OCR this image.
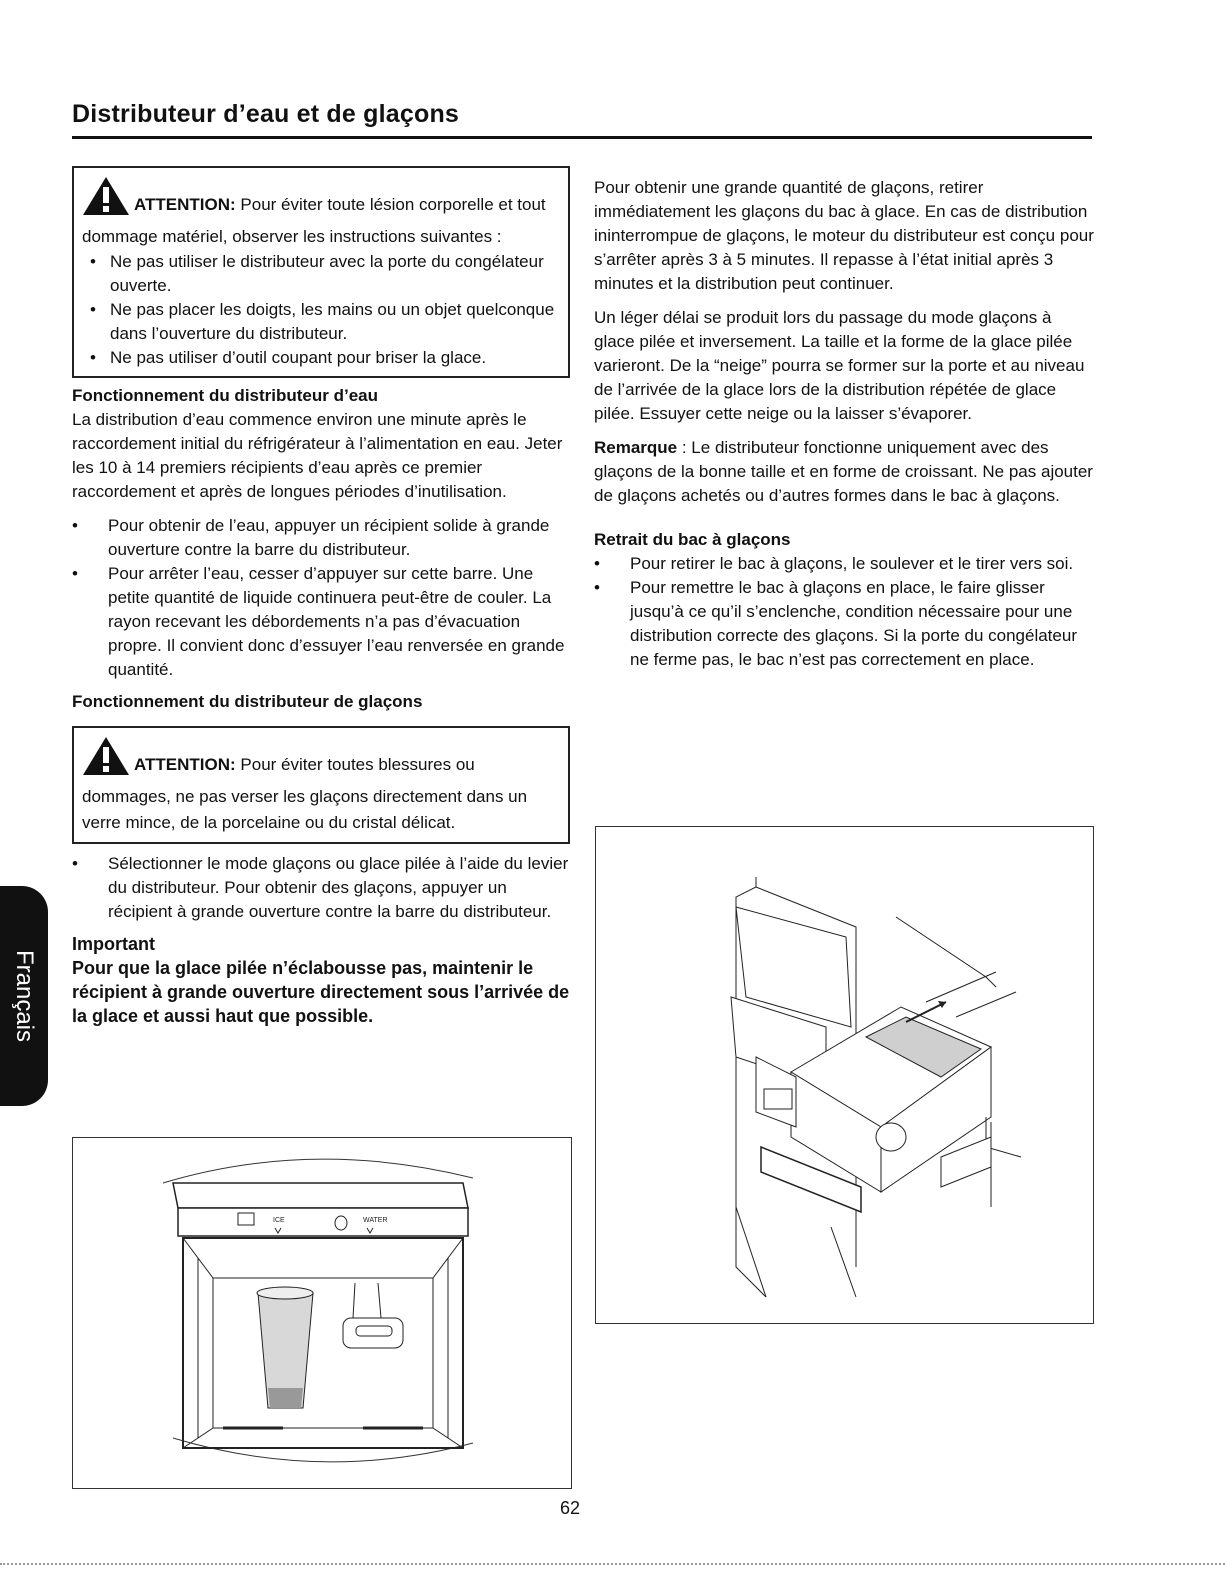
Distributeur d’eau et de glaçons
ATTENTION: Pour éviter toute lésion corporelle et tout dommage matériel, observer les instructions suivantes :
• Ne pas utiliser le distributeur avec la porte du congélateur ouverte.
• Ne pas placer les doigts, les mains ou un objet quelconque dans l’ouverture du distributeur.
• Ne pas utiliser d’outil coupant pour briser la glace.
Fonctionnement du distributeur d’eau

La distribution d’eau commence environ une minute après le raccordement initial du réfrigérateur à l’alimentation en eau. Jeter les 10 à 14 premiers récipients d’eau après ce premier raccordement et après de longues périodes d’inutilisation.

• Pour obtenir de l’eau, appuyer un récipient solide à grande ouverture contre la barre du distributeur.
• Pour arrêter l’eau, cesser d’appuyer sur cette barre. Une petite quantité de liquide continuera peut-être de couler. La rayon recevant les débordements n’a pas d’évacuation propre. Il convient donc d’essuyer l’eau renversée en grande quantité.
Fonctionnement du distributeur de glaçons
ATTENTION: Pour éviter toutes blessures ou dommages, ne pas verser les glaçons directement dans un verre mince, de la porcelaine ou du cristal délicat.
• Sélectionner le mode glaçons ou glace pilée à l’aide du levier du distributeur. Pour obtenir des glaçons, appuyer un récipient à grande ouverture contre la barre du distributeur.
Important
Pour que la glace pilée n’éclabousse pas, maintenir le récipient à grande ouverture directement sous l’arrivée de la glace et aussi haut que possible.

Pour obtenir une grande quantité de glaçons, retirer immédiatement les glaçons du bac à glace. En cas de distribution ininterrompue de glaçons, le moteur du distributeur est conçu pour s’arrêter après 3 à 5 minutes. Il repasse à l’état initial après 3 minutes et la distribution peut continuer.

Un léger délai se produit lors du passage du mode glaçons à glace pilée et inversement. La taille et la forme de la glace pilée varieront. De la “neige” pourra se former sur la porte et au niveau de l’arrivée de la glace lors de la distribution répétée de glace pilée. Essuyer cette neige ou la laisser s’évaporer.

Remarque : Le distributeur fonctionne uniquement avec des glaçons de la bonne taille et en forme de croissant. Ne pas ajouter de glaçons achetés ou d’autres formes dans le bac à glaçons.

Retrait du bac à glaçons
• Pour retirer le bac à glaçons, le soulever et le tirer vers soi.
• Pour remettre le bac à glaçons en place, le faire glisser jusqu’à ce qu’il s’enclenche, condition nécessaire pour une distribution correcte des glaçons. Si la porte du congélateur ne ferme pas, le bac n’est pas correctement en place.
ICE	WATER
62
Français
